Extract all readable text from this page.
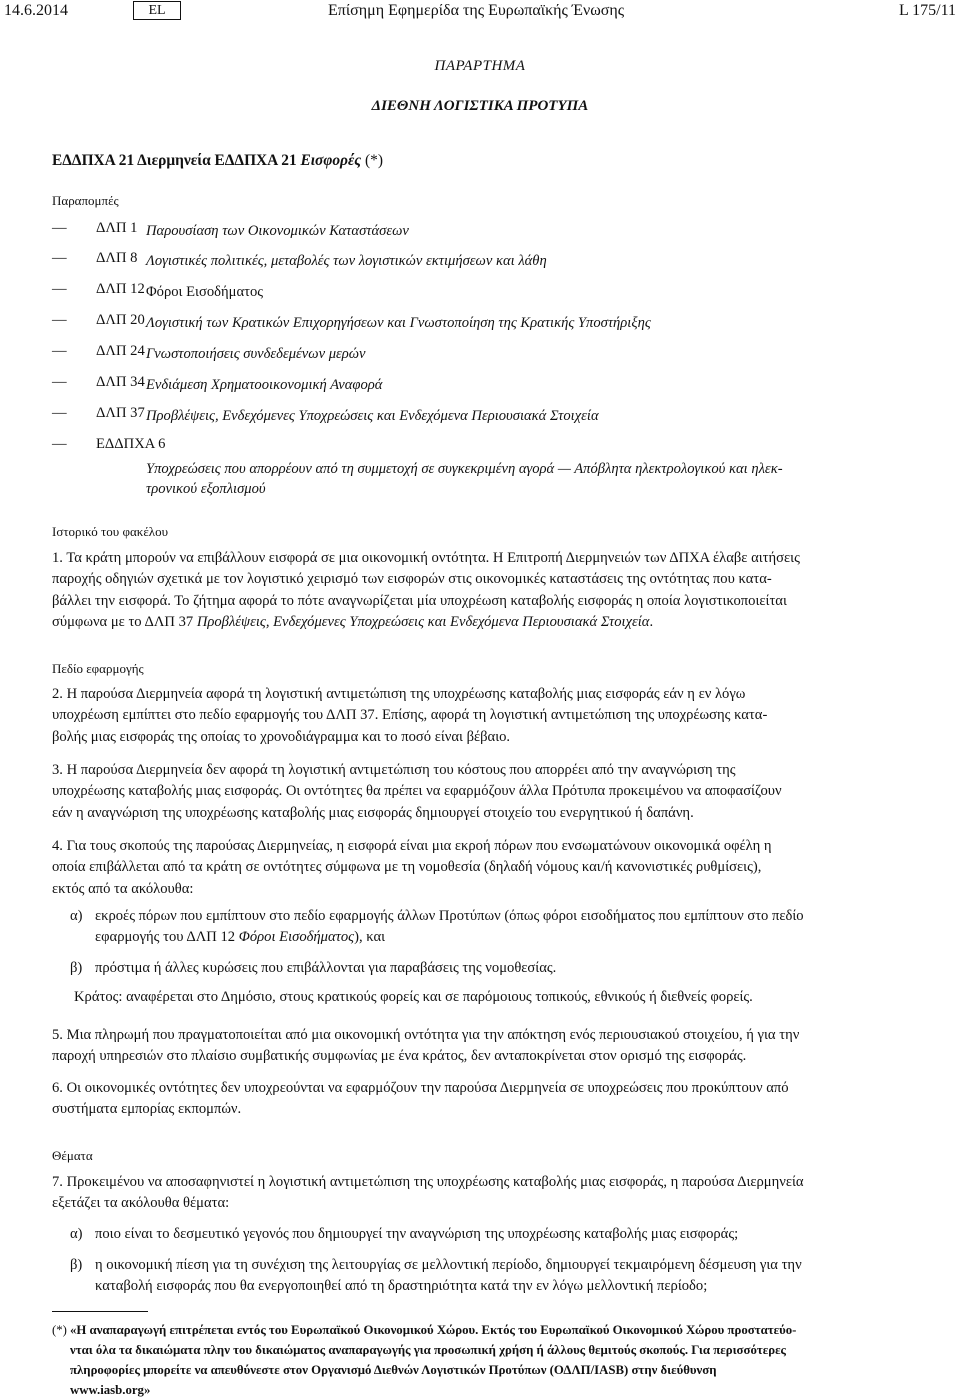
14.6.2014	EL	Επίσημη Εφημερίδα της Ευρωπαϊκής Ένωσης	L 175/11
ΠΑΡΑΡΤΗΜΑ
ΔΙΕΘΝΗ ΛΟΓΙΣΤΙΚΑ ΠΡΟΤΥΠΑ
ΕΔΔΠΧΑ 21 Διερμηνεία ΕΔΔΠΧΑ 21 Εισφορές (*)
Παραπομπές
— ΔΛΠ 1 Παρουσίαση των Οικονομικών Καταστάσεων
— ΔΛΠ 8 Λογιστικές πολιτικές, μεταβολές των λογιστικών εκτιμήσεων και λάθη
— ΔΛΠ 12 Φόροι Εισοδήματος
— ΔΛΠ 20 Λογιστική των Κρατικών Επιχορηγήσεων και Γνωστοποίηση της Κρατικής Υποστήριξης
— ΔΛΠ 24 Γνωστοποιήσεις συνδεδεμένων μερών
— ΔΛΠ 34 Ενδιάμεση Χρηματοοικονομική Αναφορά
— ΔΛΠ 37 Προβλέψεις, Ενδεχόμενες Υποχρεώσεις και Ενδεχόμενα Περιουσιακά Στοιχεία
— ΕΔΔΠΧΑ 6
Υποχρεώσεις που απορρέουν από τη συμμετοχή σε συγκεκριμένη αγορά — Απόβλητα ηλεκτρολογικού και ηλεκ-
τρονικού εξοπλισμού
Ιστορικό του φακέλου
1. Τα κράτη μπορούν να επιβάλλουν εισφορά σε μια οικονομική οντότητα. Η Επιτροπή Διερμηνειών των ΔΠΧΑ έλαβε αιτήσεις
παροχής οδηγιών σχετικά με τον λογιστικό χειρισμό των εισφορών στις οικονομικές καταστάσεις της οντότητας που κατα-
βάλλει την εισφορά. Το ζήτημα αφορά το πότε αναγνωρίζεται μία υποχρέωση καταβολής εισφοράς η οποία λογιστικοποιείται
σύμφωνα με το ΔΛΠ 37 Προβλέψεις, Ενδεχόμενες Υποχρεώσεις και Ενδεχόμενα Περιουσιακά Στοιχεία.
Πεδίο εφαρμογής
2. Η παρούσα Διερμηνεία αφορά τη λογιστική αντιμετώπιση της υποχρέωσης καταβολής μιας εισφοράς εάν η εν λόγω
υποχρέωση εμπίπτει στο πεδίο εφαρμογής του ΔΛΠ 37. Επίσης, αφορά τη λογιστική αντιμετώπιση της υποχρέωσης κατα-
βολής μιας εισφοράς της οποίας το χρονοδιάγραμμα και το ποσό είναι βέβαιο.
3. Η παρούσα Διερμηνεία δεν αφορά τη λογιστική αντιμετώπιση του κόστους που απορρέει από την αναγνώριση της
υποχρέωσης καταβολής μιας εισφοράς. Οι οντότητες θα πρέπει να εφαρμόζουν άλλα Πρότυπα προκειμένου να αποφασίζουν
εάν η αναγνώριση της υποχρέωσης καταβολής μιας εισφοράς δημιουργεί στοιχείο του ενεργητικού ή δαπάνη.
4. Για τους σκοπούς της παρούσας Διερμηνείας, η εισφορά είναι μια εκροή πόρων που ενσωματώνουν οικονομικά οφέλη η
οποία επιβάλλεται από τα κράτη σε οντότητες σύμφωνα με τη νομοθεσία (δηλαδή νόμους και/ή κανονιστικές ρυθμίσεις),
εκτός από τα ακόλουθα:
α) εκροές πόρων που εμπίπτουν στο πεδίο εφαρμογής άλλων Προτύπων (όπως φόροι εισοδήματος που εμπίπτουν στο πεδίο
εφαρμογής του ΔΛΠ 12 Φόροι Εισοδήματος), και
β) πρόστιμα ή άλλες κυρώσεις που επιβάλλονται για παραβάσεις της νομοθεσίας.
Κράτος: αναφέρεται στο Δημόσιο, στους κρατικούς φορείς και σε παρόμοιους τοπικούς, εθνικούς ή διεθνείς φορείς.
5. Μια πληρωμή που πραγματοποιείται από μια οικονομική οντότητα για την απόκτηση ενός περιουσιακού στοιχείου, ή για την
παροχή υπηρεσιών στο πλαίσιο συμβατικής συμφωνίας με ένα κράτος, δεν ανταποκρίνεται στον ορισμό της εισφοράς.
6. Οι οικονομικές οντότητες δεν υποχρεούνται να εφαρμόζουν την παρούσα Διερμηνεία σε υποχρεώσεις που προκύπτουν από
συστήματα εμπορίας εκπομπών.
Θέματα
7. Προκειμένου να αποσαφηνιστεί η λογιστική αντιμετώπιση της υποχρέωσης καταβολής μιας εισφοράς, η παρούσα Διερμηνεία
εξετάζει τα ακόλουθα θέματα:
α) ποιο είναι το δεσμευτικό γεγονός που δημιουργεί την αναγνώριση της υποχρέωσης καταβολής μιας εισφοράς;
β) η οικονομική πίεση για τη συνέχιση της λειτουργίας σε μελλοντική περίοδο, δημιουργεί τεκμαιρόμενη δέσμευση για την
καταβολή εισφοράς που θα ενεργοποιηθεί από τη δραστηριότητα κατά την εν λόγω μελλοντική περίοδο;
(*) «Η αναπαραγωγή επιτρέπεται εντός του Ευρωπαϊκού Οικονομικού Χώρου. Εκτός του Ευρωπαϊκού Οικονομικού Χώρου προστατεύο-
νται όλα τα δικαιώματα πλην του δικαιώματος αναπαραγωγής για προσωπική χρήση ή άλλους θεμιτούς σκοπούς. Για περισσότερες
πληροφορίες μπορείτε να απευθύνεστε στον Οργανισμό Διεθνών Λογιστικών Προτύπων (ΟΔΛΠ/IASB) στην διεύθυνση
www.iasb.org»
